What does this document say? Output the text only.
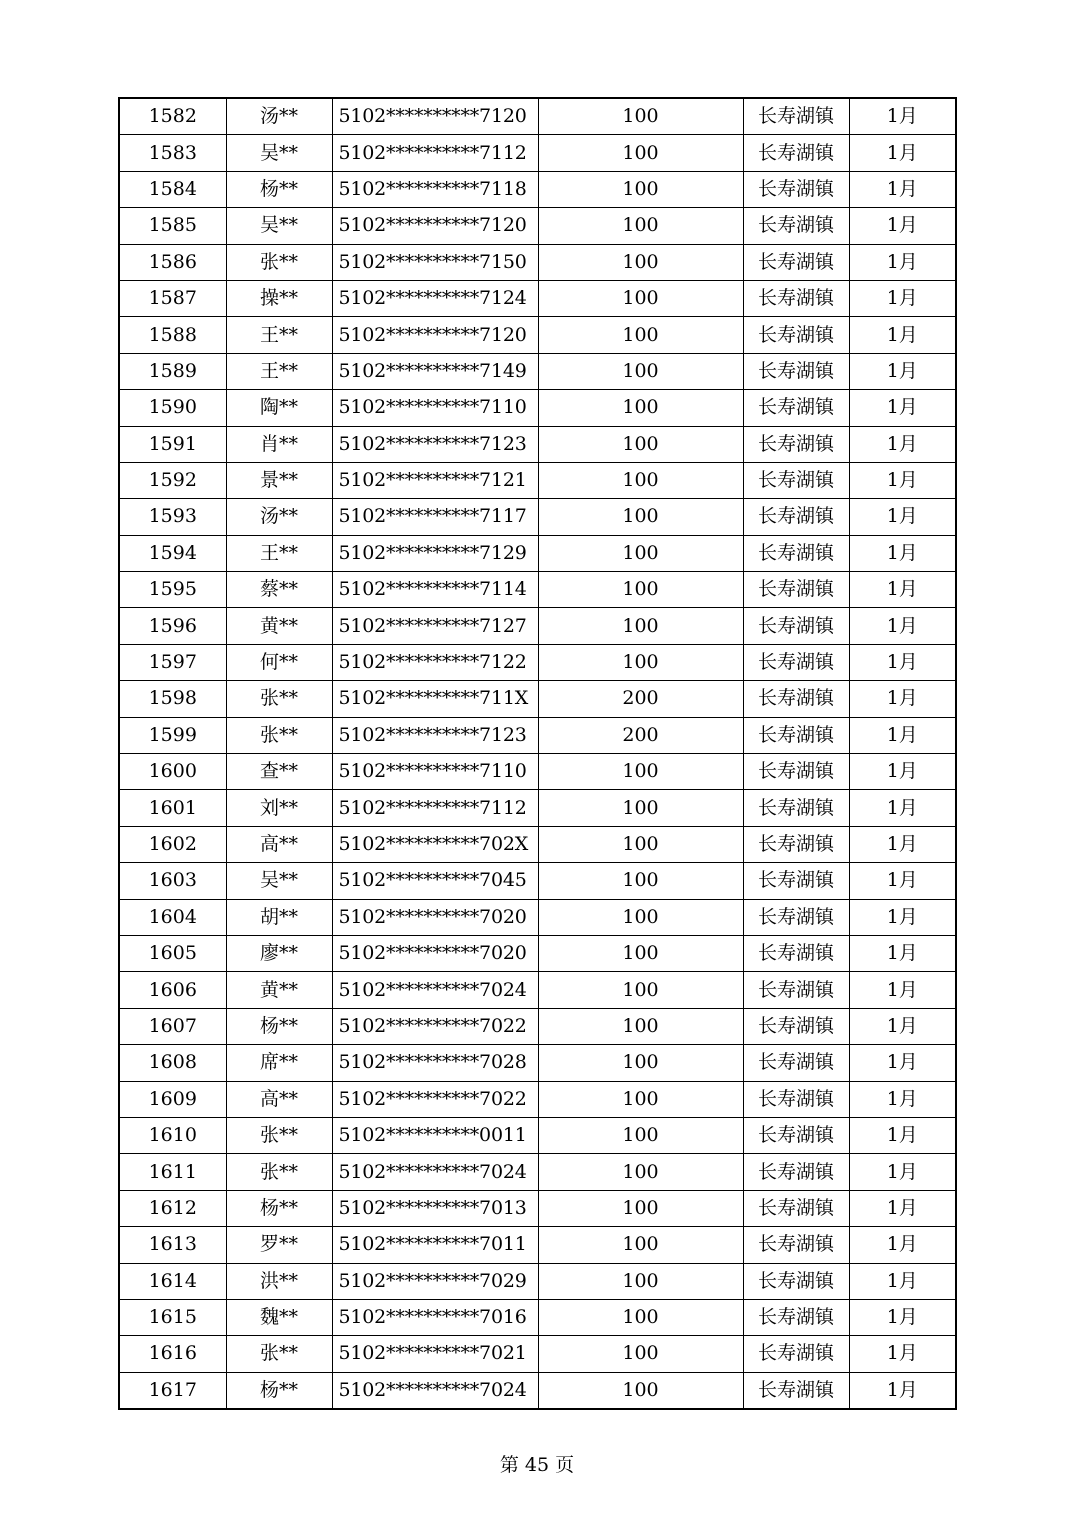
1582	汤**	5102**********7120	100	长寿湖镇	1月
1583	吴**	5102**********7112	100	长寿湖镇	1月
1584	杨**	5102**********7118	100	长寿湖镇	1月
1585	吴**	5102**********7120	100	长寿湖镇	1月
1586	张**	5102**********7150	100	长寿湖镇	1月
1587	操**	5102**********7124	100	长寿湖镇	1月
1588	王**	5102**********7120	100	长寿湖镇	1月
1589	王**	5102**********7149	100	长寿湖镇	1月
1590	陶**	5102**********7110	100	长寿湖镇	1月
1591	肖**	5102**********7123	100	长寿湖镇	1月
1592	景**	5102**********7121	100	长寿湖镇	1月
1593	汤**	5102**********7117	100	长寿湖镇	1月
1594	王**	5102**********7129	100	长寿湖镇	1月
1595	蔡**	5102**********7114	100	长寿湖镇	1月
1596	黄**	5102**********7127	100	长寿湖镇	1月
1597	何**	5102**********7122	100	长寿湖镇	1月
1598	张**	5102**********711X	200	长寿湖镇	1月
1599	张**	5102**********7123	200	长寿湖镇	1月
1600	查**	5102**********7110	100	长寿湖镇	1月
1601	刘**	5102**********7112	100	长寿湖镇	1月
1602	高**	5102**********702X	100	长寿湖镇	1月
1603	吴**	5102**********7045	100	长寿湖镇	1月
1604	胡**	5102**********7020	100	长寿湖镇	1月
1605	廖**	5102**********7020	100	长寿湖镇	1月
1606	黄**	5102**********7024	100	长寿湖镇	1月
1607	杨**	5102**********7022	100	长寿湖镇	1月
1608	席**	5102**********7028	100	长寿湖镇	1月
1609	高**	5102**********7022	100	长寿湖镇	1月
1610	张**	5102**********0011	100	长寿湖镇	1月
1611	张**	5102**********7024	100	长寿湖镇	1月
1612	杨**	5102**********7013	100	长寿湖镇	1月
1613	罗**	5102**********7011	100	长寿湖镇	1月
1614	洪**	5102**********7029	100	长寿湖镇	1月
1615	魏**	5102**********7016	100	长寿湖镇	1月
1616	张**	5102**********7021	100	长寿湖镇	1月
1617	杨**	5102**********7024	100	长寿湖镇	1月
第 45 页
